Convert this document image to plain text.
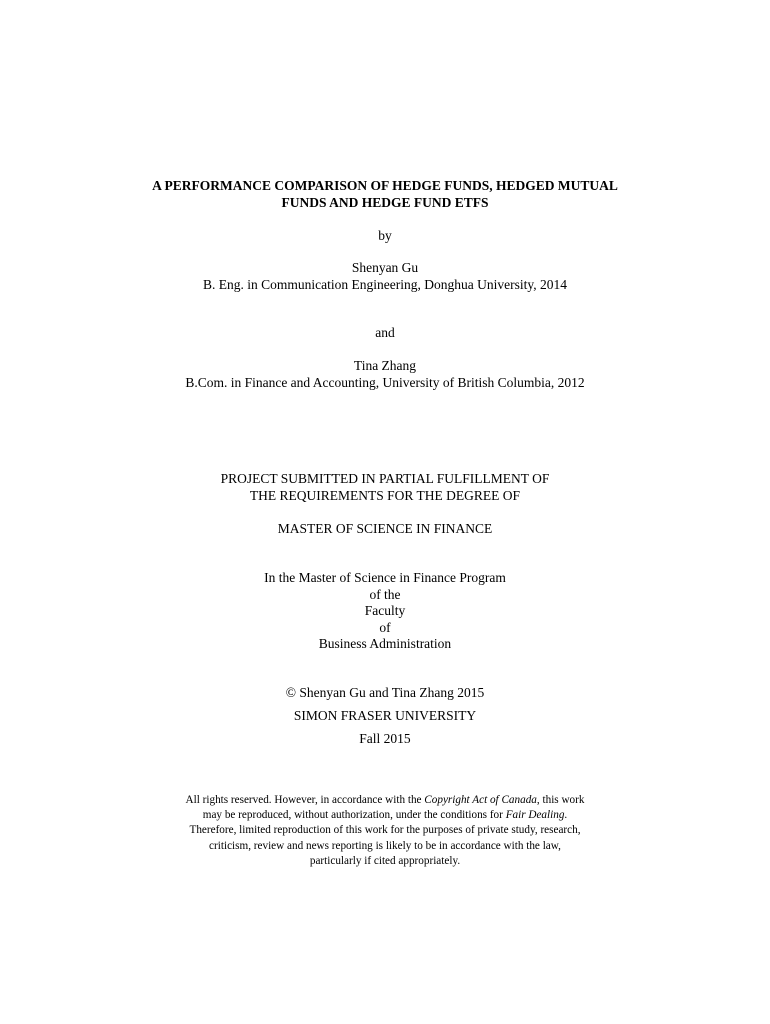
A PERFORMANCE COMPARISON OF HEDGE FUNDS, HEDGED MUTUAL
FUNDS AND HEDGE FUND ETFS
by
Shenyan Gu
B. Eng. in Communication Engineering, Donghua University, 2014
and
Tina Zhang
B.Com. in Finance and Accounting, University of British Columbia, 2012
PROJECT SUBMITTED IN PARTIAL FULFILLMENT OF
THE REQUIREMENTS FOR THE DEGREE OF
MASTER OF SCIENCE IN FINANCE
In the Master of Science in Finance Program
of the
Faculty
of
Business Administration
© Shenyan Gu and Tina Zhang 2015
SIMON FRASER UNIVERSITY
Fall 2015
All rights reserved. However, in accordance with the Copyright Act of Canada, this work
may be reproduced, without authorization, under the conditions for Fair Dealing.
Therefore, limited reproduction of this work for the purposes of private study, research,
criticism, review and news reporting is likely to be in accordance with the law,
particularly if cited appropriately.
